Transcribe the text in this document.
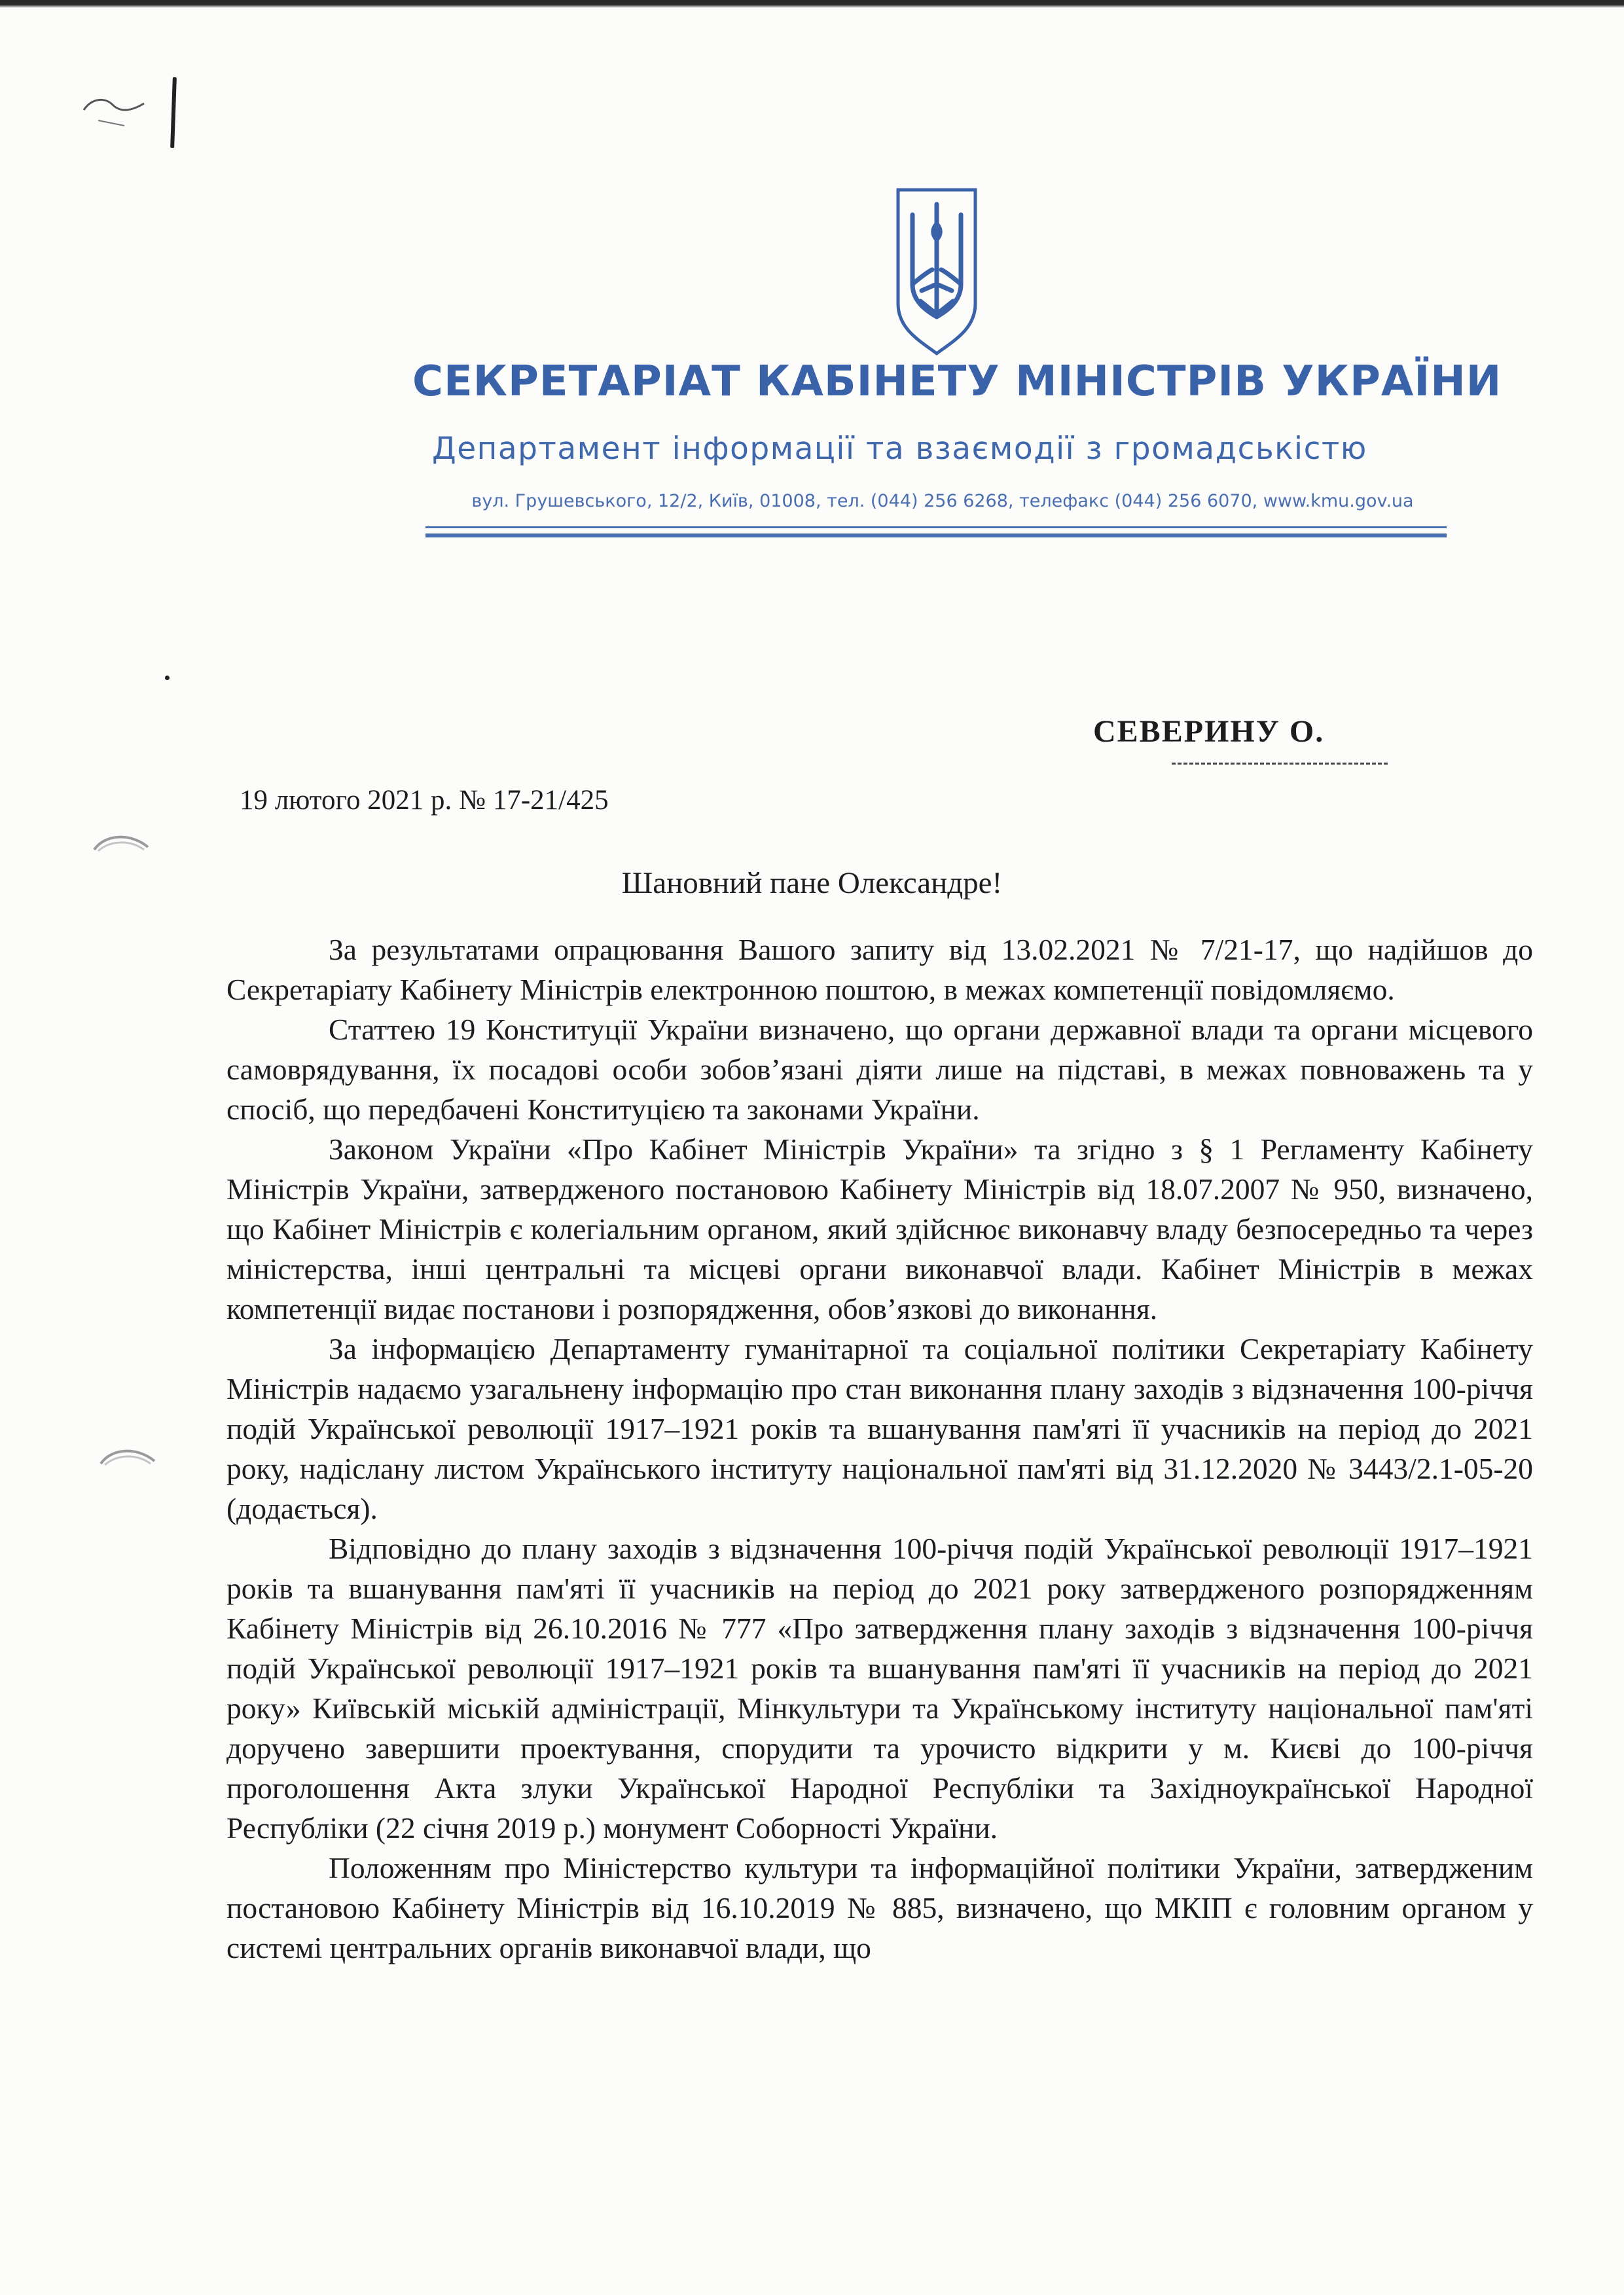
СЕКРЕТАРІАТ КАБІНЕТУ МІНІСТРІВ УКРАЇНИ
Департамент інформації та взаємодії з громадськістю
вул. Грушевського, 12/2, Київ, 01008, тел. (044) 256 6268, телефакс (044) 256 6070, www.kmu.gov.ua
СЕВЕРИНУ О.
19 лютого 2021 р. № 17-21/425
Шановний пане Олександре!

За результатами опрацювання Вашого запиту від 13.02.2021 № 7/21-17, що надійшов до Секретаріату Кабінету Міністрів електронною поштою, в межах компетенції повідомляємо.

Статтею 19 Конституції України визначено, що органи державної влади та органи місцевого самоврядування, їх посадові особи зобов’язані діяти лише на підставі, в межах повноважень та у спосіб, що передбачені Конституцією та законами України.

Законом України «Про Кабінет Міністрів України» та згідно з § 1 Регламенту Кабінету Міністрів України, затвердженого постановою Кабінету Міністрів від 18.07.2007 № 950, визначено, що Кабінет Міністрів є колегіальним органом, який здійснює виконавчу владу безпосередньо та через міністерства, інші центральні та місцеві органи виконавчої влади. Кабінет Міністрів в межах компетенції видає постанови і розпорядження, обов’язкові до виконання.

За інформацією Департаменту гуманітарної та соціальної політики Секретаріату Кабінету Міністрів надаємо узагальнену інформацію про стан виконання плану заходів з відзначення 100-річчя подій Української революції 1917–1921 років та вшанування пам'яті її учасників на період до 2021 року, надіслану листом Українського інституту національної пам'яті від 31.12.2020 № 3443/2.1-05-20 (додається).

Відповідно до плану заходів з відзначення 100-річчя подій Української революції 1917–1921 років та вшанування пам'яті її учасників на період до 2021 року затвердженого розпорядженням Кабінету Міністрів від 26.10.2016 № 777 «Про затвердження плану заходів з відзначення 100-річчя подій Української революції 1917–1921 років та вшанування пам'яті її учасників на період до 2021 року» Київській міській адміністрації, Мінкультури та Українському інституту національної пам'яті доручено завершити проектування, спорудити та урочисто відкрити у м. Києві до 100-річчя проголошення Акта злуки Української Народної Республіки та Західноукраїнської Народної Республіки (22 січня 2019 р.) монумент Соборності України.

Положенням про Міністерство культури та інформаційної політики України, затвердженим постановою Кабінету Міністрів від 16.10.2019 № 885, визначено, що МКІП є головним органом у системі центральних органів виконавчої влади, що
